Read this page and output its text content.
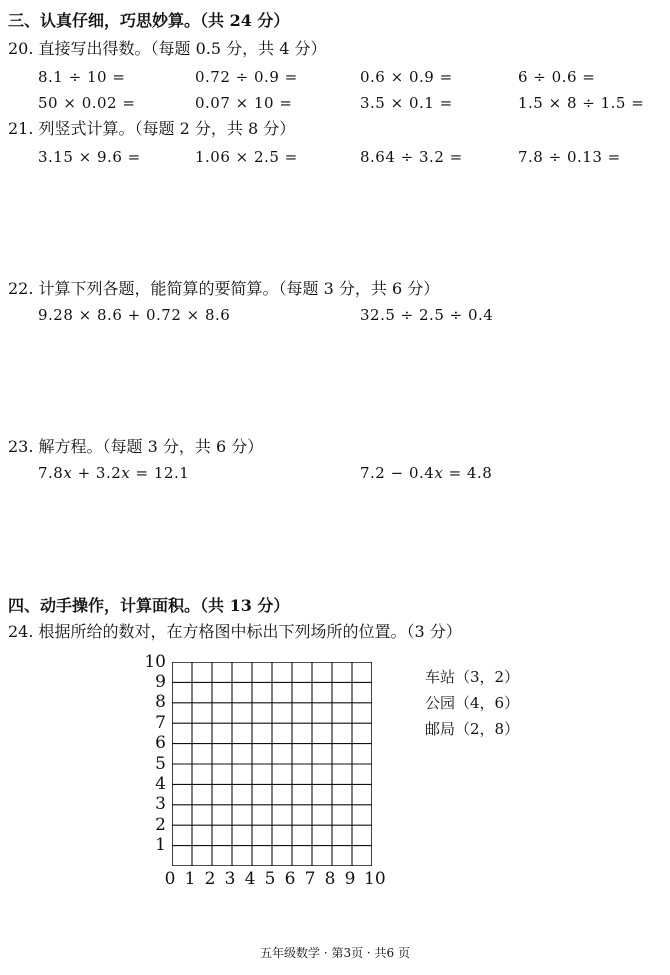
三、认真仔细，巧思妙算。（共 24 分）
20. 直接写出得数。（每题 0.5 分，共 4 分）
8.1 ÷ 10 =	0.72 ÷ 0.9 =	0.6 × 0.9 =	6 ÷ 0.6 =
50 × 0.02 =	0.07 × 10 =	3.5 × 0.1 =	1.5 × 8 ÷ 1.5 =
21. 列竖式计算。（每题 2 分，共 8 分）
3.15 × 9.6 =	1.06 × 2.5 =	8.64 ÷ 3.2 =	7.8 ÷ 0.13 =
22. 计算下列各题，能简算的要简算。（每题 3 分，共 6 分）
9.28 × 8.6 + 0.72 × 8.6	32.5 ÷ 2.5 ÷ 0.4
23. 解方程。（每题 3 分，共 6 分）
7.8x + 3.2x = 12.1	7.2 − 0.4x = 4.8
四、动手操作，计算面积。（共 13 分）
24. 根据所给的数对，在方格图中标出下列场所的位置。（3 分）
10
9
8
7
6
5
4
3
2
1
0 1 2 3 4 5 6 7 8 9 10
车站（3，2）
公园（4，6）
邮局（2，8）
五年级数学 · 第3页 · 共6 页
